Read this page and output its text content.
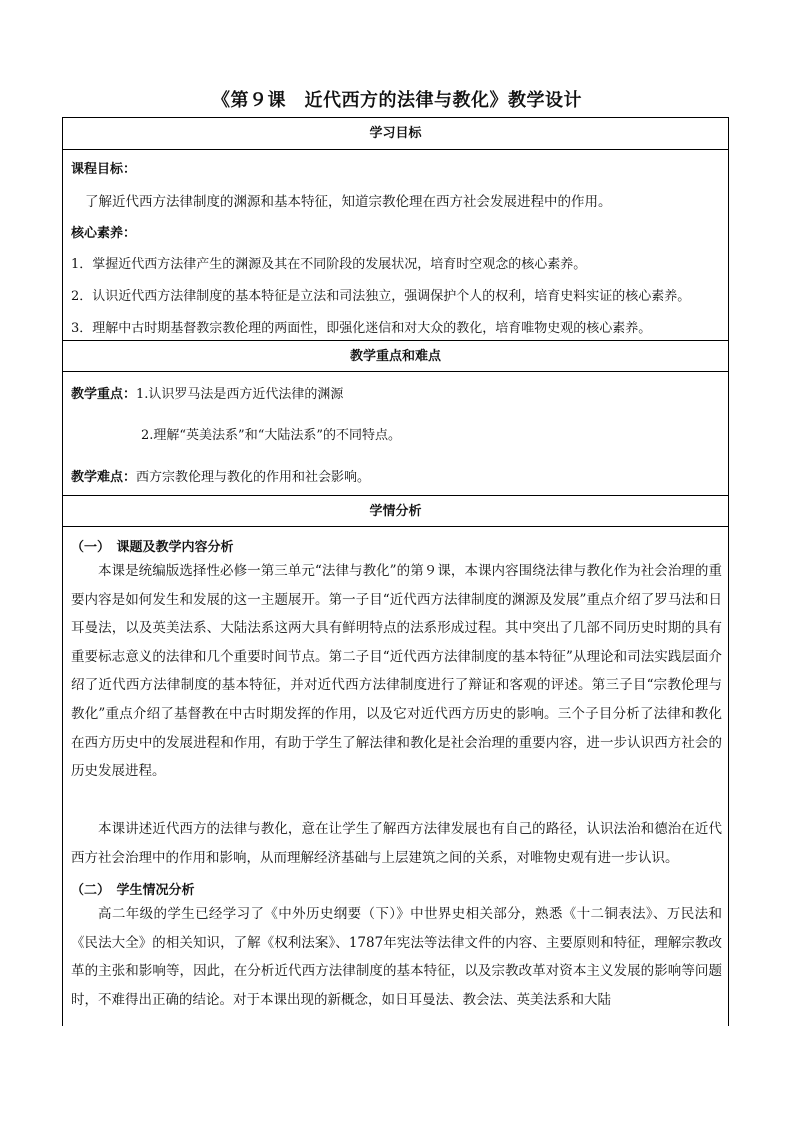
《第９课　近代西方的法律与教化》教学设计
学习目标
课程目标：
了解近代西方法律制度的渊源和基本特征，知道宗教伦理在西方社会发展进程中的作用。
核心素养：
1．掌握近代西方法律产生的渊源及其在不同阶段的发展状况，培育时空观念的核心素养。
2．认识近代西方法律制度的基本特征是立法和司法独立，强调保护个人的权利，培育史料实证的核心素养。
3．理解中古时期基督教宗教伦理的两面性，即强化迷信和对大众的教化，培育唯物史观的核心素养。
教学重点和难点
教学重点：1.认识罗马法是西方近代法律的渊源
2.理解“英美法系”和“大陆法系”的不同特点。
教学难点：西方宗教伦理与教化的作用和社会影响。
学情分析
（一）　课题及教学内容分析
本课是统编版选择性必修一第三单元“法律与教化”的第９课，本课内容围绕法律与教化作为社会治理的重要内容是如何发生和发展的这一主题展开。第一子目“近代西方法律制度的渊源及发展”重点介绍了罗马法和日耳曼法，以及英美法系、大陆法系这两大具有鲜明特点的法系形成过程。其中突出了几部不同历史时期的具有重要标志意义的法律和几个重要时间节点。第二子目“近代西方法律制度的基本特征”从理论和司法实践层面介绍了近代西方法律制度的基本特征，并对近代西方法律制度进行了辩证和客观的评述。第三子目“宗教伦理与教化”重点介绍了基督教在中古时期发挥的作用，以及它对近代西方历史的影响。三个子目分析了法律和教化在西方历史中的发展进程和作用，有助于学生了解法律和教化是社会治理的重要内容，进一步认识西方社会的历史发展进程。
本课讲述近代西方的法律与教化，意在让学生了解西方法律发展也有自己的路径，认识法治和德治在近代西方社会治理中的作用和影响，从而理解经济基础与上层建筑之间的关系，对唯物史观有进一步认识。
（二）　学生情况分析
高二年级的学生已经学习了《中外历史纲要（下）》中世界史相关部分，熟悉《十二铜表法》、万民法和《民法大全》的相关知识，了解《权利法案》、1787年宪法等法律文件的内容、主要原则和特征，理解宗教改革的主张和影响等，因此，在分析近代西方法律制度的基本特征，以及宗教改革对资本主义发展的影响等问题时，不难得出正确的结论。对于本课出现的新概念，如日耳曼法、教会法、英美法系和大陆
